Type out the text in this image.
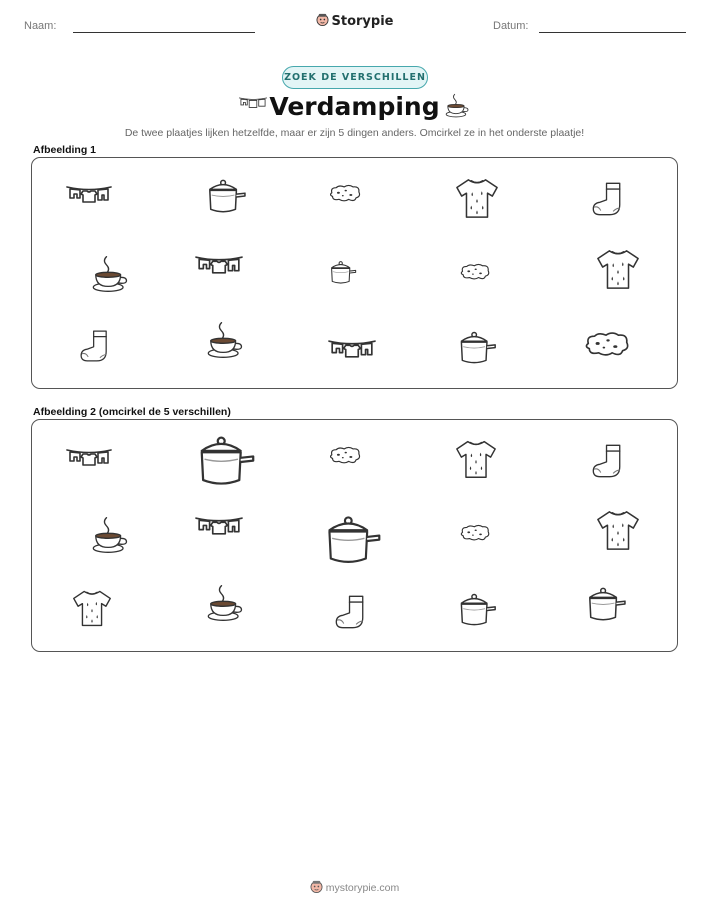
Naam:	Storypie	Datum:
ZOEK DE VERSCHILLEN
Verdamping
De twee plaatjes lijken hetzelfde, maar er zijn 5 dingen anders. Omcirkel ze in het onderste plaatje!
Afbeelding 1
Afbeelding 2 (omcirkel de 5 verschillen)
mystorypie.com
